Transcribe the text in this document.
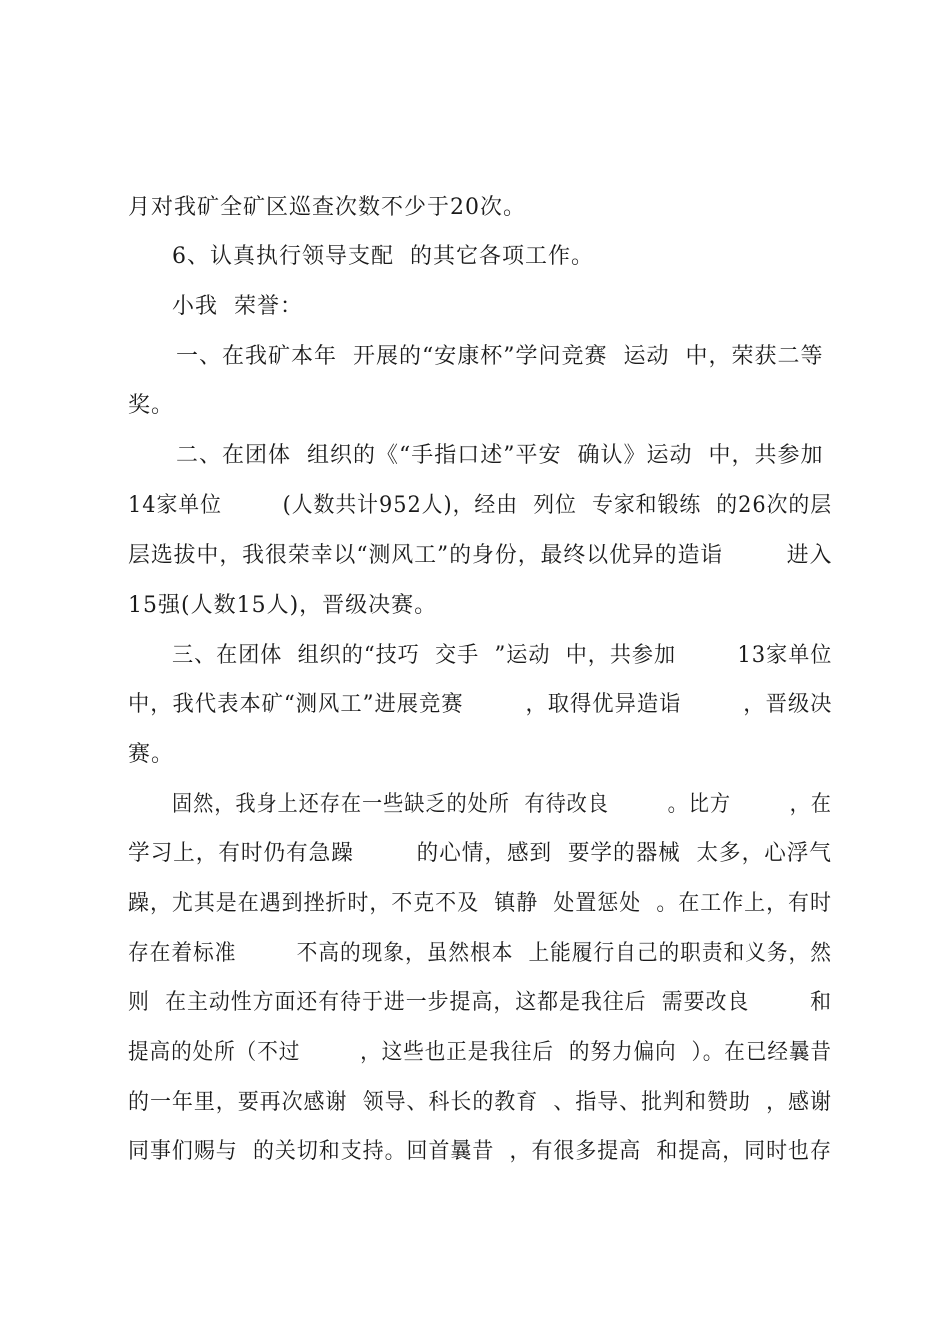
月对我矿全矿区巡查次数不少于20次。
6、认真执行领导支配  的其它各项工作。
小我  荣誉：
一、在我矿本年  开展的“安康杯”学问竞赛  运动  中，荣获二等
奖。
二、在团体  组织的《“手指口述”平安  确认》运动  中，共参加
14家单位        (人数共计952人)，经由  列位  专家和锻练  的26次的层
层选拔中，我很荣幸以“测风工”的身份，最终以优异的造诣        进入
15强(人数15人)，晋级决赛。
三、在团体  组织的“技巧  交手  ”运动  中，共参加        13家单位
中，我代表本矿“测风工”进展竞赛        ，取得优异造诣        ，晋级决
赛。
固然，我身上还存在一些缺乏的处所  有待改良        。比方        ，在
学习上，有时仍有急躁        的心情，感到  要学的器械  太多，心浮气
躁，尤其是在遇到挫折时，不克不及  镇静  处置惩处  。在工作上，有时
存在着标准        不高的现象，虽然根本  上能履行自己的职责和义务，然
则  在主动性方面还有待于进一步提高，这都是我往后  需要改良        和
提高的处所（不过        ，这些也正是我往后  的努力偏向  ）。在已经曩昔
的一年里，要再次感谢  领导、科长的教育  、指导、批判和赞助  ，感谢
同事们赐与  的关切和支持。回首曩昔  ，有很多提高  和提高，同时也存
